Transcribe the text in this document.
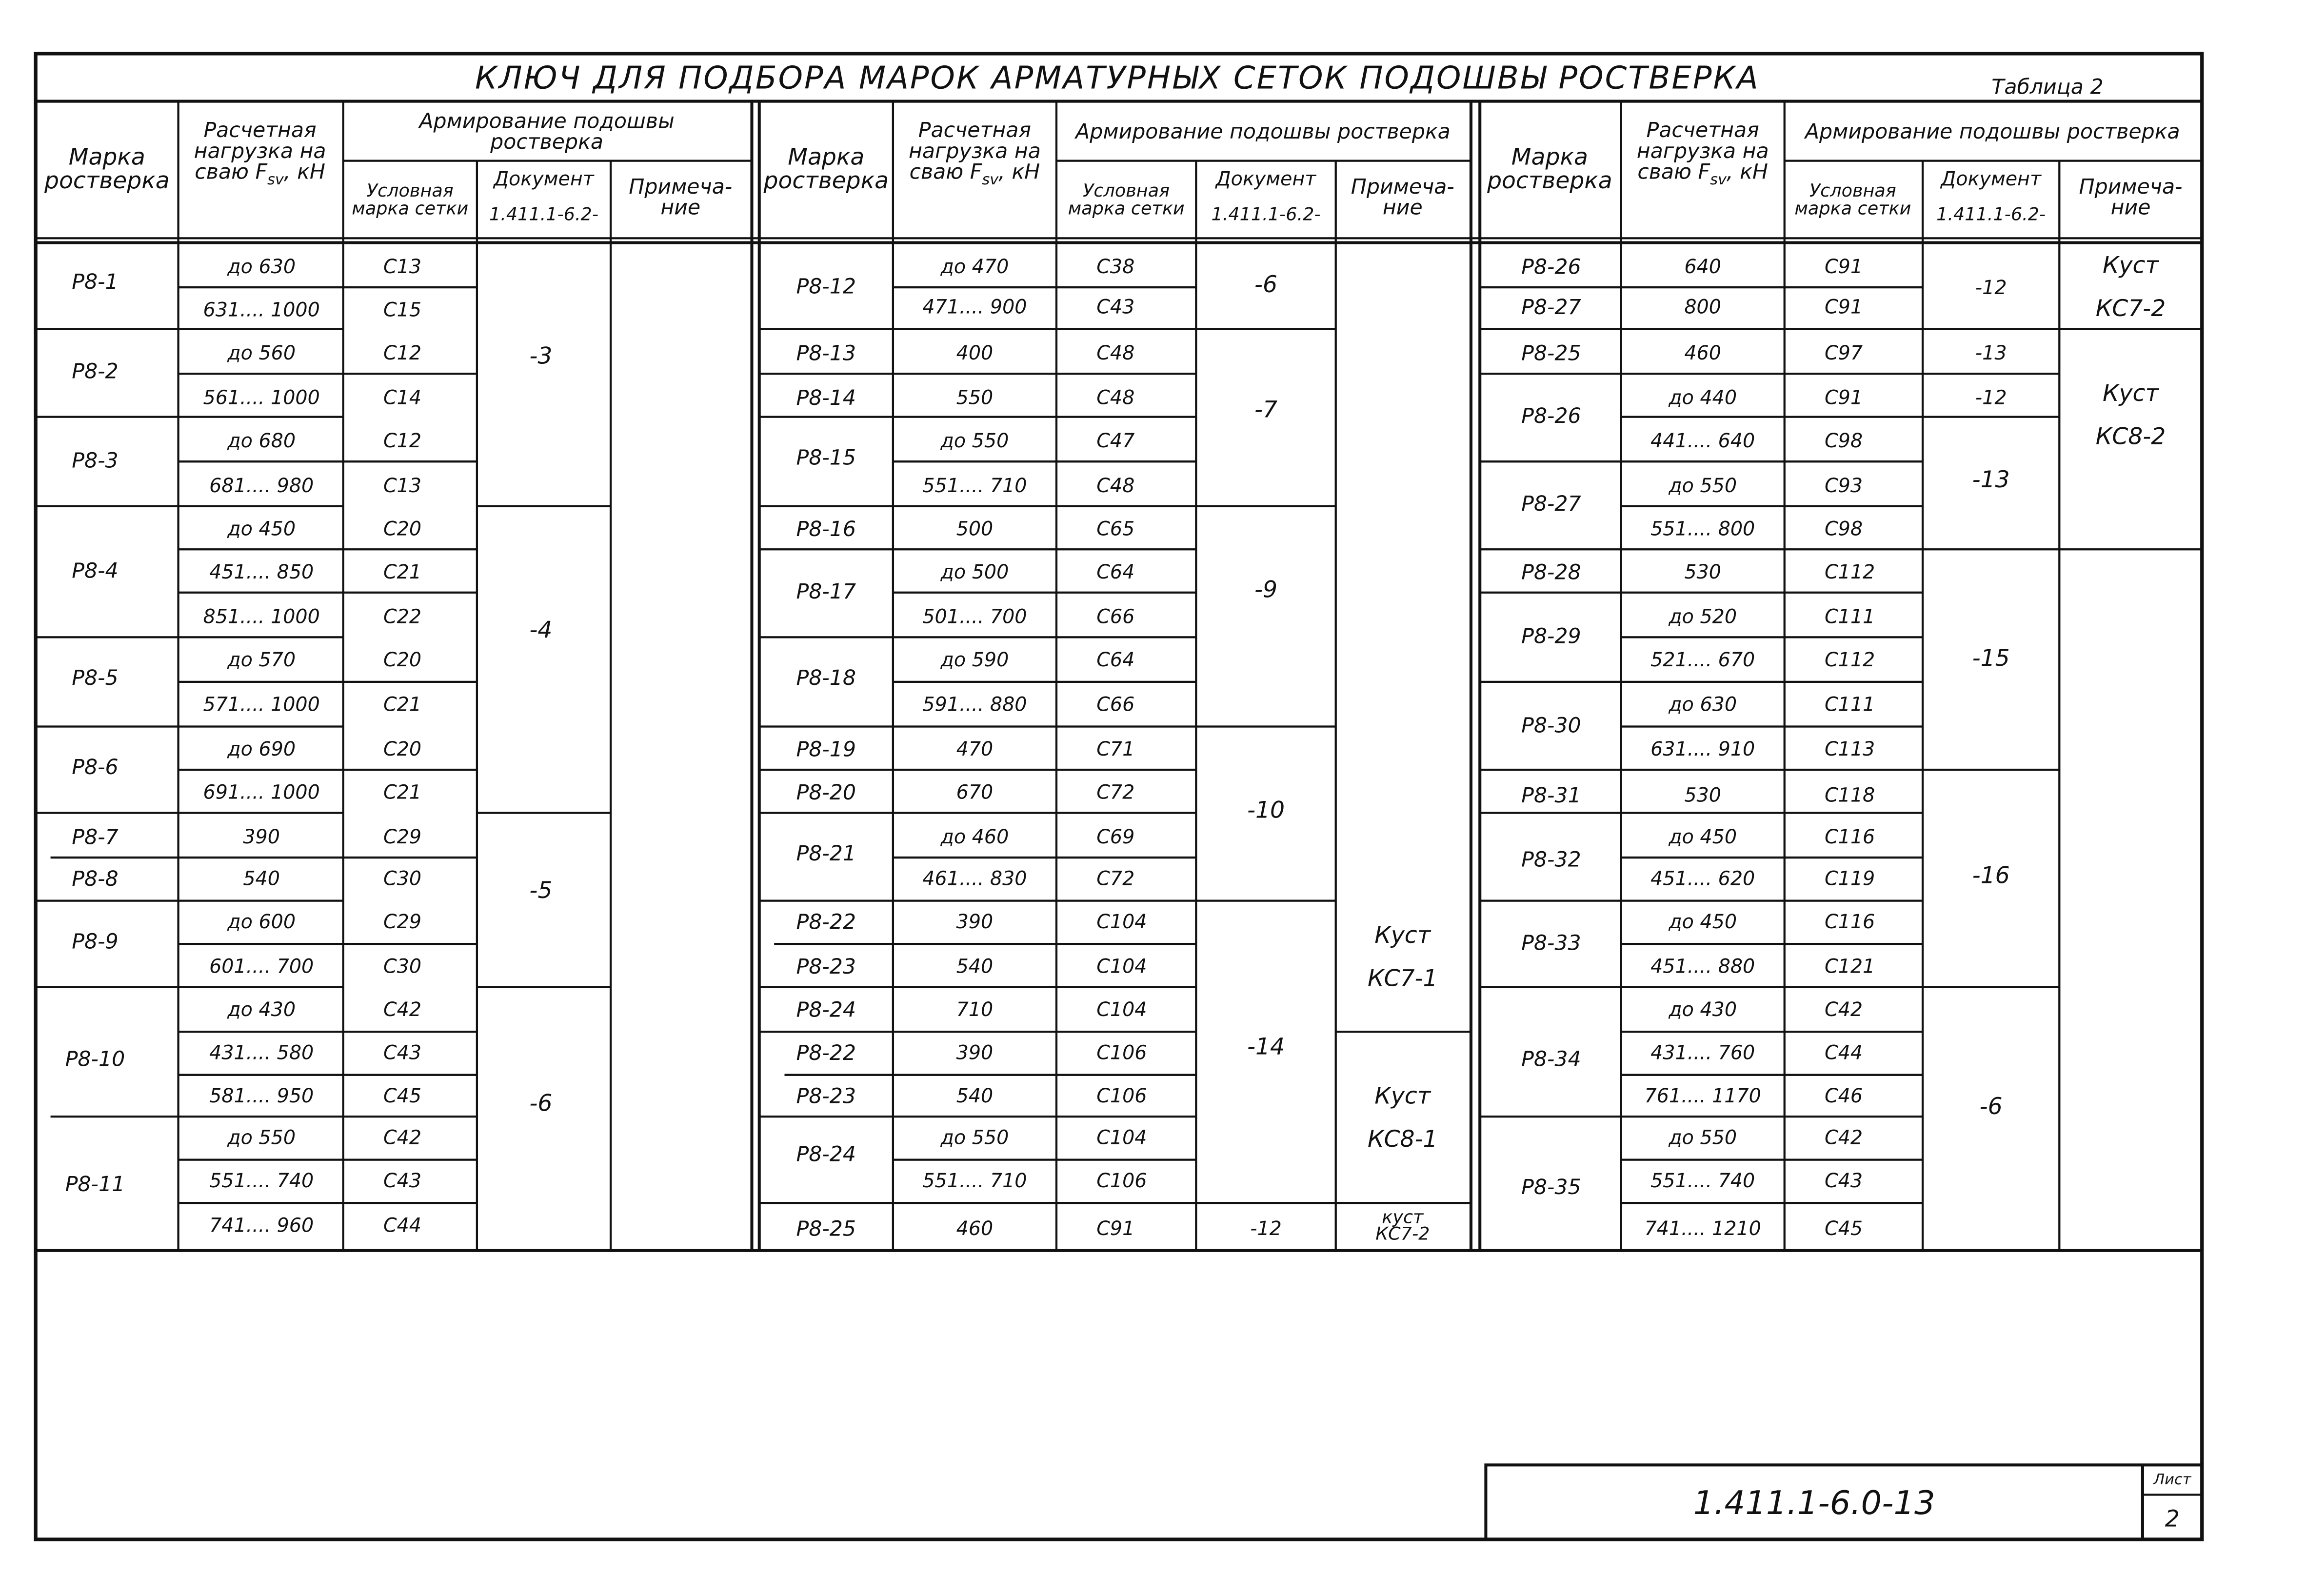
КЛЮЧ ДЛЯ ПОДБОРА МАРОК АРМАТУРНЫХ СЕТОК ПОДОШВЫ РОСТВЕРКА	Таблица 2
Марка ростверка
Расчетная нагрузка на сваю $F_{sv}$, кН
Армирование подошвы ростверка
Условная марка сетки
Документ
1.411.1-6.2-
Примеча- ние
Марка ростверка
Расчетная нагрузка на сваю $F_{sv}$, кН
Армирование подошвы ростверка
Условная марка сетки
Документ
1.411.1-6.2-
Примеча- ние
Марка ростверка
Расчетная нагрузка на сваю $F_{sv}$, кН
Армирование подошвы ростверка
Условная марка сетки
Документ
1.411.1-6.2-
Примеча- ние
Р8-1
Р8-2
Р8-3
Р8-4
Р8-5
Р8-6
Р8-7
Р8-8
Р8-9
Р8-10
Р8-11
до 630
631.... 1000
до 560
561.... 1000
до 680
681.... 980
до 450
451.... 850
851.... 1000
до 570
571.... 1000
до 690
691.... 1000
390
540
до 600
601.... 700
до 430
431.... 580
581.... 950
до 550
551.... 740
741.... 960
С13
С15
С12
С14
С12
С13
С20
С21
С22
С20
С21
С20
С21
С29
С30
С29
С30
С42
С43
С45
С42
С43
С44
-3
-4
-5
-6
Р8-12
Р8-13
Р8-14
Р8-15
Р8-16
Р8-17
Р8-18
Р8-19
Р8-20
Р8-21
Р8-22
Р8-23
Р8-24
Р8-22
Р8-23
Р8-24
Р8-25
до 470
471.... 900
400
550
до 550
551.... 710
500
до 500
501.... 700
до 590
591.... 880
470
670
до 460
461.... 830
390
540
710
390
540
до 550
551.... 710
460
С38
С43
С48
С48
С47
С48
С65
С64
С66
С64
С66
С71
С72
С69
С72
С104
С104
С104
С106
С106
С104
С106
С91
-6
-7
-9
-10
-14
-12
Куст КС7-1
Куст КС8-1
куст КС7-2
Р8-26
Р8-27
Р8-25
Р8-26
Р8-27
Р8-28
Р8-29
Р8-30
Р8-31
Р8-32
Р8-33
Р8-34
Р8-35
640
800
460
до 440
441.... 640
до 550
551.... 800
530
до 520
521.... 670
до 630
631.... 910
530
до 450
451.... 620
до 450
451.... 880
до 430
431.... 760
761.... 1170
до 550
551.... 740
741.... 1210
С91
С91
С97
С91
С98
С93
С98
С112
С111
С112
С111
С113
С118
С116
С119
С116
С121
С42
С44
С46
С42
С43
С45
-12
-13
-12
-13
-15
-16
-6
Куст КС7-2
Куст КС8-2
1.411.1-6.0-13
Лист
2
